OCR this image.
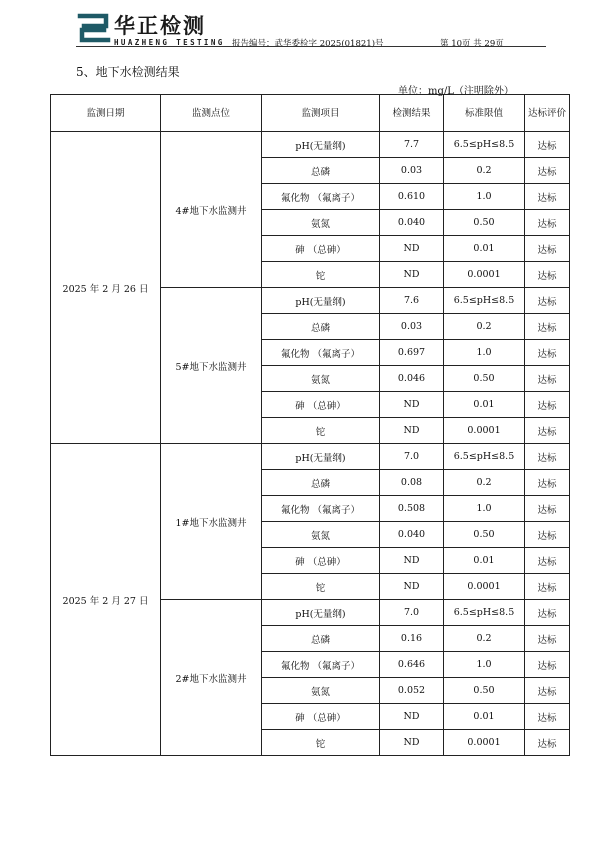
华正检测
HUAZHENG TESTING 报告编号：武华委检字 2025(01821)号	第 10页 共 29页
5、地下水检测结果
单位：mg/L（注明除外）
监测日期	监测点位	监测项目	检测结果	标准限值	达标评价
2025 年 2 月 26 日	4#地下水监测井	pH(无量纲)	7.7	6.5≤pH≤8.5	达标
		总磷	0.03	0.2	达标
		氟化物 （氟离子）	0.610	1.0	达标
		氨氮	0.040	0.50	达标
		砷 （总砷）	ND	0.01	达标
		铊	ND	0.0001	达标
	5#地下水监测井	pH(无量纲)	7.6	6.5≤pH≤8.5	达标
		总磷	0.03	0.2	达标
		氟化物 （氟离子）	0.697	1.0	达标
		氨氮	0.046	0.50	达标
		砷 （总砷）	ND	0.01	达标
		铊	ND	0.0001	达标
2025 年 2 月 27 日	1#地下水监测井	pH(无量纲)	7.0	6.5≤pH≤8.5	达标
		总磷	0.08	0.2	达标
		氟化物 （氟离子）	0.508	1.0	达标
		氨氮	0.040	0.50	达标
		砷 （总砷）	ND	0.01	达标
		铊	ND	0.0001	达标
	2#地下水监测井	pH(无量纲)	7.0	6.5≤pH≤8.5	达标
		总磷	0.16	0.2	达标
		氟化物 （氟离子）	0.646	1.0	达标
		氨氮	0.052	0.50	达标
		砷 （总砷）	ND	0.01	达标
		铊	ND	0.0001	达标
